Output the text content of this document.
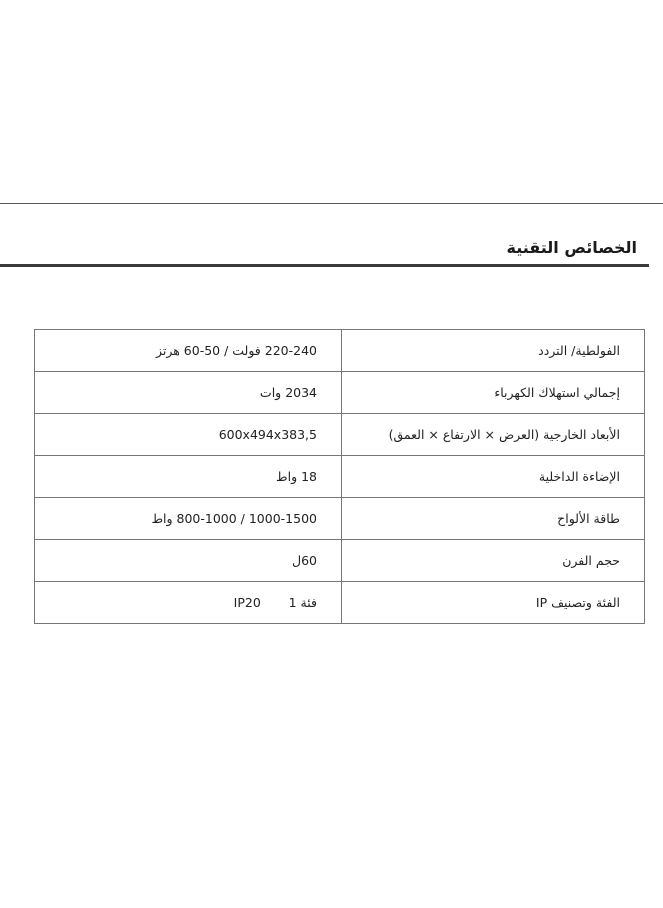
الخصائص التقنية
الفولطية/ التردد	220-240 فولت / 50-60 هرتز
إجمالي استهلاك الكهرباء	2034 وات
الأبعاد الخارجية (العرض × الارتفاع × العمق)	600x494x383,5
الإضاءة الداخلية	18 واط
طاقة الألواح	1000-1500 / 800-1000 واط
حجم الفرن	60ل
الفئة وتصنيف IP	فئة 1       IP20
